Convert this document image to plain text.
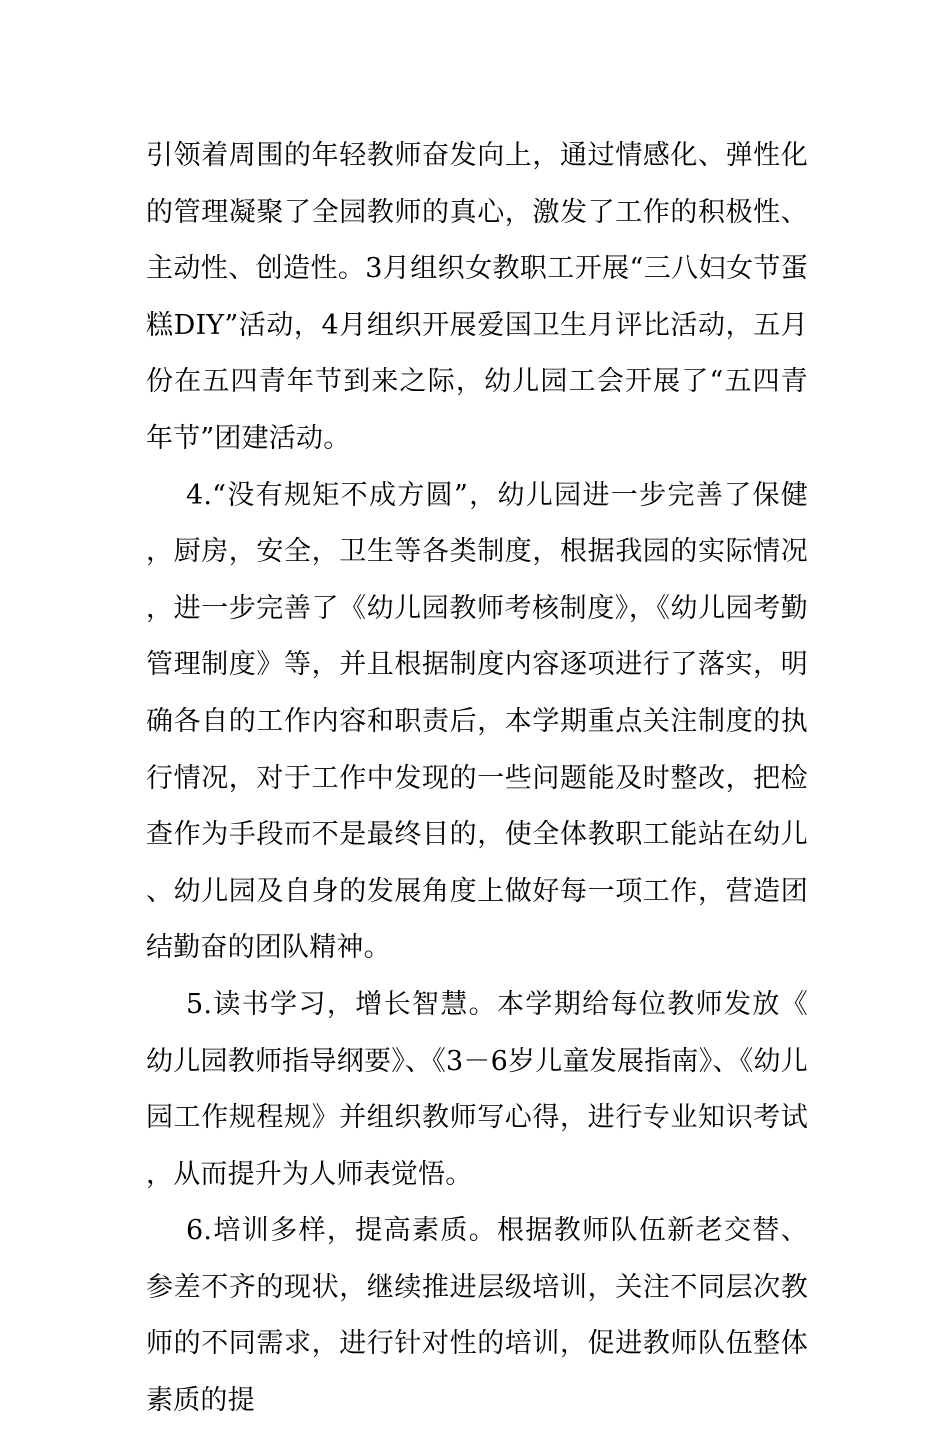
引领着周围的年轻教师奋发向上，通过情感化、弹性化的管理凝聚了全园教师的真心，激发了工作的积极性、主动性、创造性。3月组织女教职工开展“三八妇女节蛋糕DIY”活动，4月组织开展爱国卫生月评比活动，五月份在五四青年节到来之际，幼儿园工会开展了“五四青年节”团建活动。

4.“没有规矩不成方圆”，幼儿园进一步完善了保健，厨房，安全，卫生等各类制度，根据我园的实际情况，进一步完善了《幼儿园教师考核制度》，《幼儿园考勤管理制度》等，并且根据制度内容逐项进行了落实，明确各自的工作内容和职责后，本学期重点关注制度的执行情况，对于工作中发现的一些问题能及时整改，把检查作为手段而不是最终目的，使全体教职工能站在幼儿、幼儿园及自身的发展角度上做好每一项工作，营造团结勤奋的团队精神。

5.读书学习，增长智慧。本学期给每位教师发放《幼儿园教师指导纲要》、《3－6岁儿童发展指南》、《幼儿园工作规程规》并组织教师写心得，进行专业知识考试，从而提升为人师表觉悟。

6.培训多样，提高素质。根据教师队伍新老交替、参差不齐的现状，继续推进层级培训，关注不同层次教师的不同需求，进行针对性的培训，促进教师队伍整体素质的提
